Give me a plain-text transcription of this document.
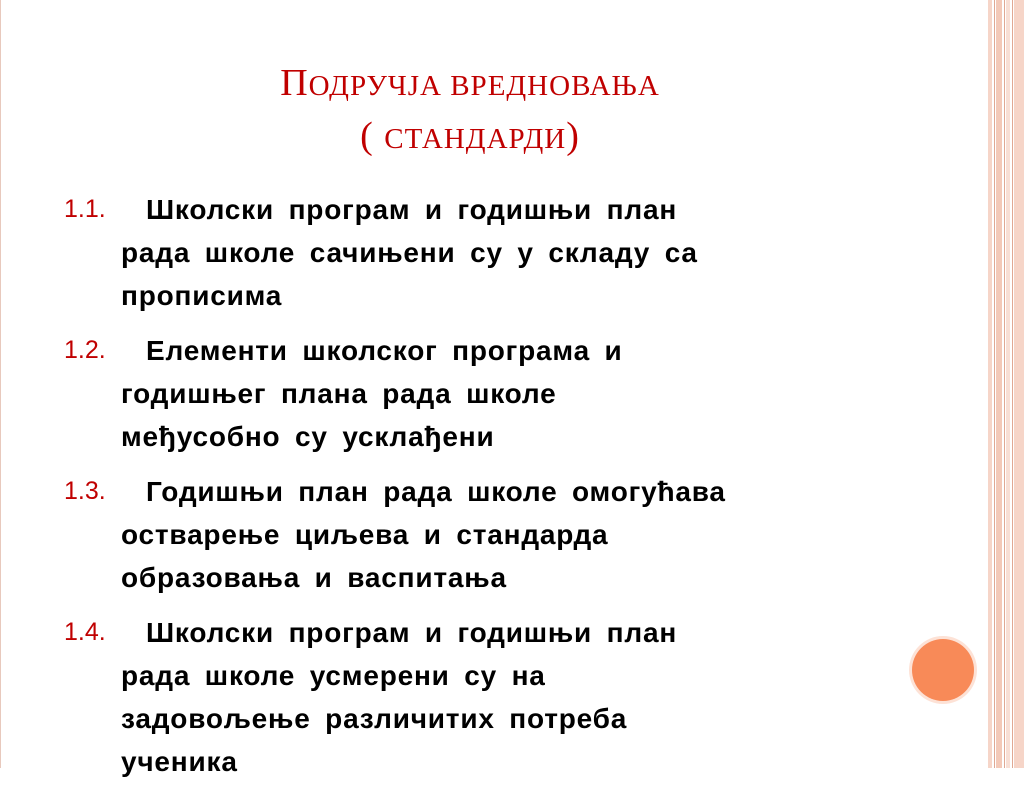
ПОДРУЧЈА ВРЕДНОВАЊА
( СТАНДАРДИ)
1.1. Школски програм и годишњи план
рада школе сачињени су у складу са
прописима
1.2. Елементи школског програма и
годишњег плана рада школе
међусобно су усклађени
1.3. Годишњи план рада школе омогућава
остварење циљева и стандарда
образовања и васпитања
1.4. Школски програм и годишњи план
рада школе усмерени су на
задовољење различитих потреба
ученика
